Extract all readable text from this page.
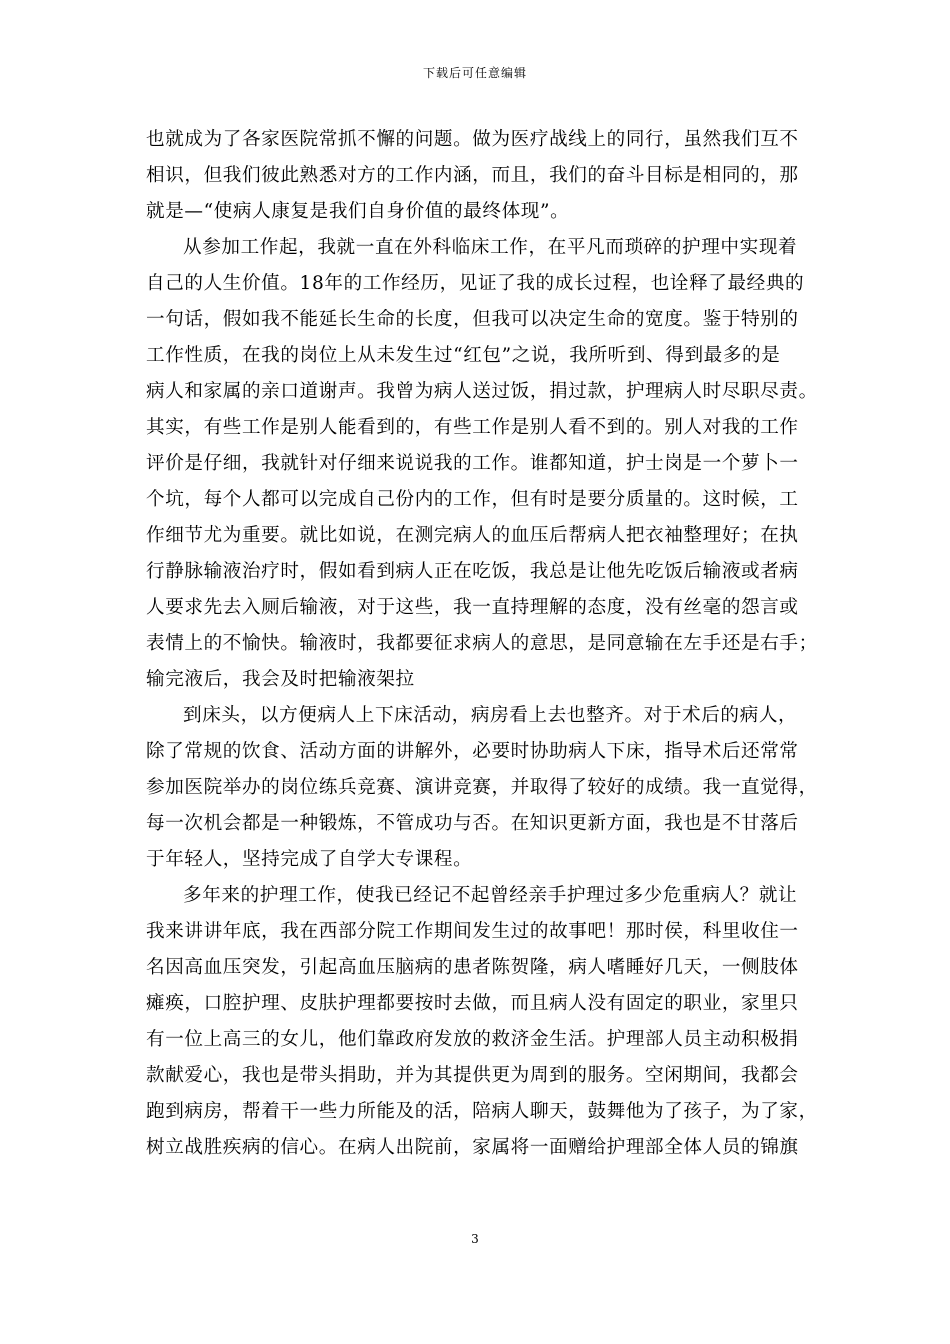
下载后可任意编辑
也就成为了各家医院常抓不懈的问题。做为医疗战线上的同行，虽然我们互不
相识，但我们彼此熟悉对方的工作内涵，而且，我们的奋斗目标是相同的，那
就是—“使病人康复是我们自身价值的最终体现”。
从参加工作起，我就一直在外科临床工作，在平凡而琐碎的护理中实现着
自己的人生价值。18年的工作经历，见证了我的成长过程，也诠释了最经典的
一句话，假如我不能延长生命的长度，但我可以决定生命的宽度。鉴于特别的
工作性质，在我的岗位上从未发生过“红包”之说，我所听到、得到最多的是
病人和家属的亲口道谢声。我曾为病人送过饭，捐过款，护理病人时尽职尽责。
其实，有些工作是别人能看到的，有些工作是别人看不到的。别人对我的工作
评价是仔细，我就针对仔细来说说我的工作。谁都知道，护士岗是一个萝卜一
个坑，每个人都可以完成自己份内的工作，但有时是要分质量的。这时候，工
作细节尤为重要。就比如说，在测完病人的血压后帮病人把衣袖整理好；在执
行静脉输液治疗时，假如看到病人正在吃饭，我总是让他先吃饭后输液或者病
人要求先去入厕后输液，对于这些，我一直持理解的态度，没有丝毫的怨言或
表情上的不愉快。输液时，我都要征求病人的意思，是同意输在左手还是右手；
输完液后，我会及时把输液架拉
到床头，以方便病人上下床活动，病房看上去也整齐。对于术后的病人，
除了常规的饮食、活动方面的讲解外，必要时协助病人下床，指导术后还常常
参加医院举办的岗位练兵竞赛、演讲竞赛，并取得了较好的成绩。我一直觉得，
每一次机会都是一种锻炼，不管成功与否。在知识更新方面，我也是不甘落后
于年轻人，坚持完成了自学大专课程。
多年来的护理工作，使我已经记不起曾经亲手护理过多少危重病人？就让
我来讲讲年底，我在西部分院工作期间发生过的故事吧！那时侯，科里收住一
名因高血压突发，引起高血压脑病的患者陈贺隆，病人嗜睡好几天，一侧肢体
瘫痪，口腔护理、皮肤护理都要按时去做，而且病人没有固定的职业，家里只
有一位上高三的女儿，他们靠政府发放的救济金生活。护理部人员主动积极捐
款献爱心，我也是带头捐助，并为其提供更为周到的服务。空闲期间，我都会
跑到病房，帮着干一些力所能及的活，陪病人聊天，鼓舞他为了孩子，为了家，
树立战胜疾病的信心。在病人出院前，家属将一面赠给护理部全体人员的锦旗
3
